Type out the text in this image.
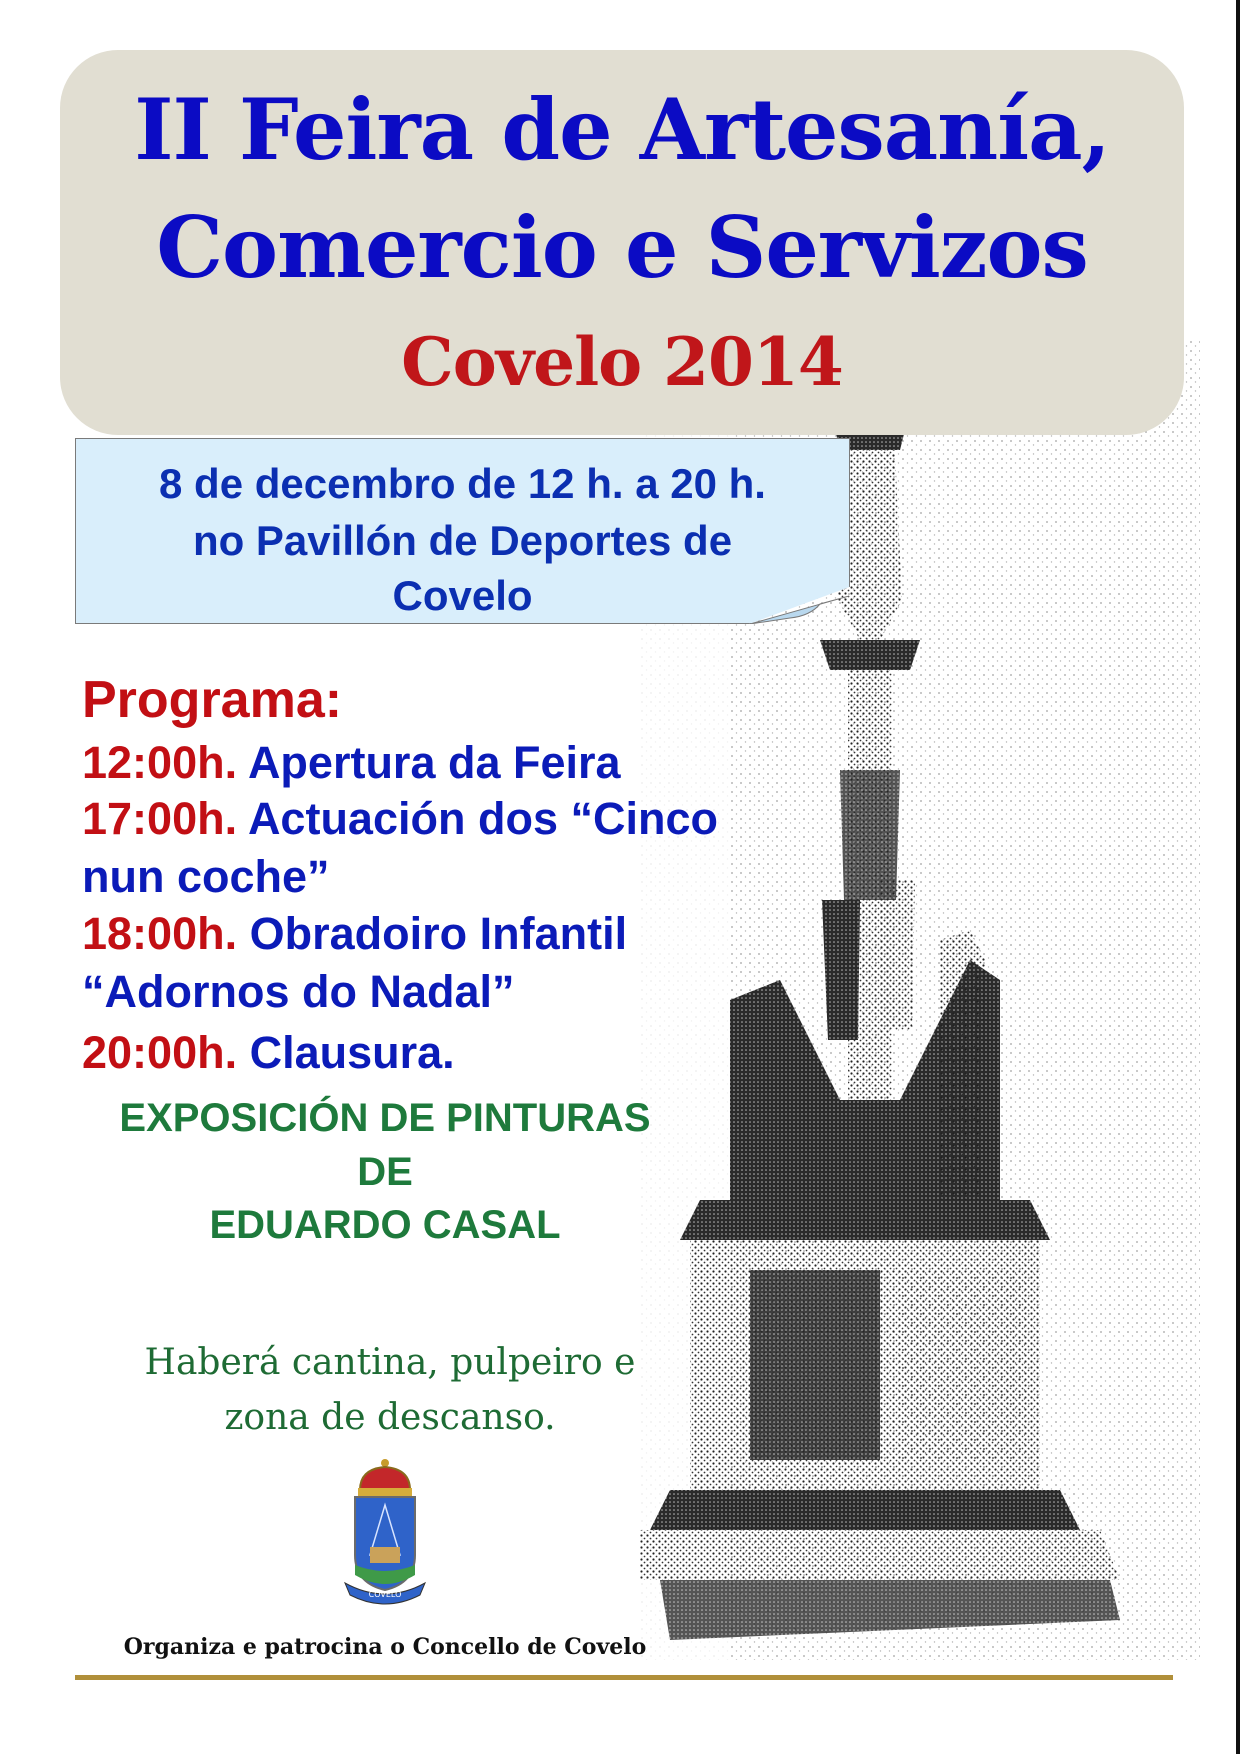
II Feira de Artesanía,
Comercio e Servizos
Covelo 2014

8 de decembro de 12 h. a 20 h.

no Pavillón de Deportes de

Covelo

Programa:

12:00h. Apertura da Feira
17:00h. Actuación dos “Cinco
nun coche”
18:00h. Obradoiro Infantil
“Adornos do Nadal”
20:00h. Clausura.

EXPOSICIÓN DE PINTURAS

DE

EDUARDO CASAL

Haberá cantina, pulpeiro e

zona de descanso.

COVELO

Organiza e patrocina o Concello de Covelo
